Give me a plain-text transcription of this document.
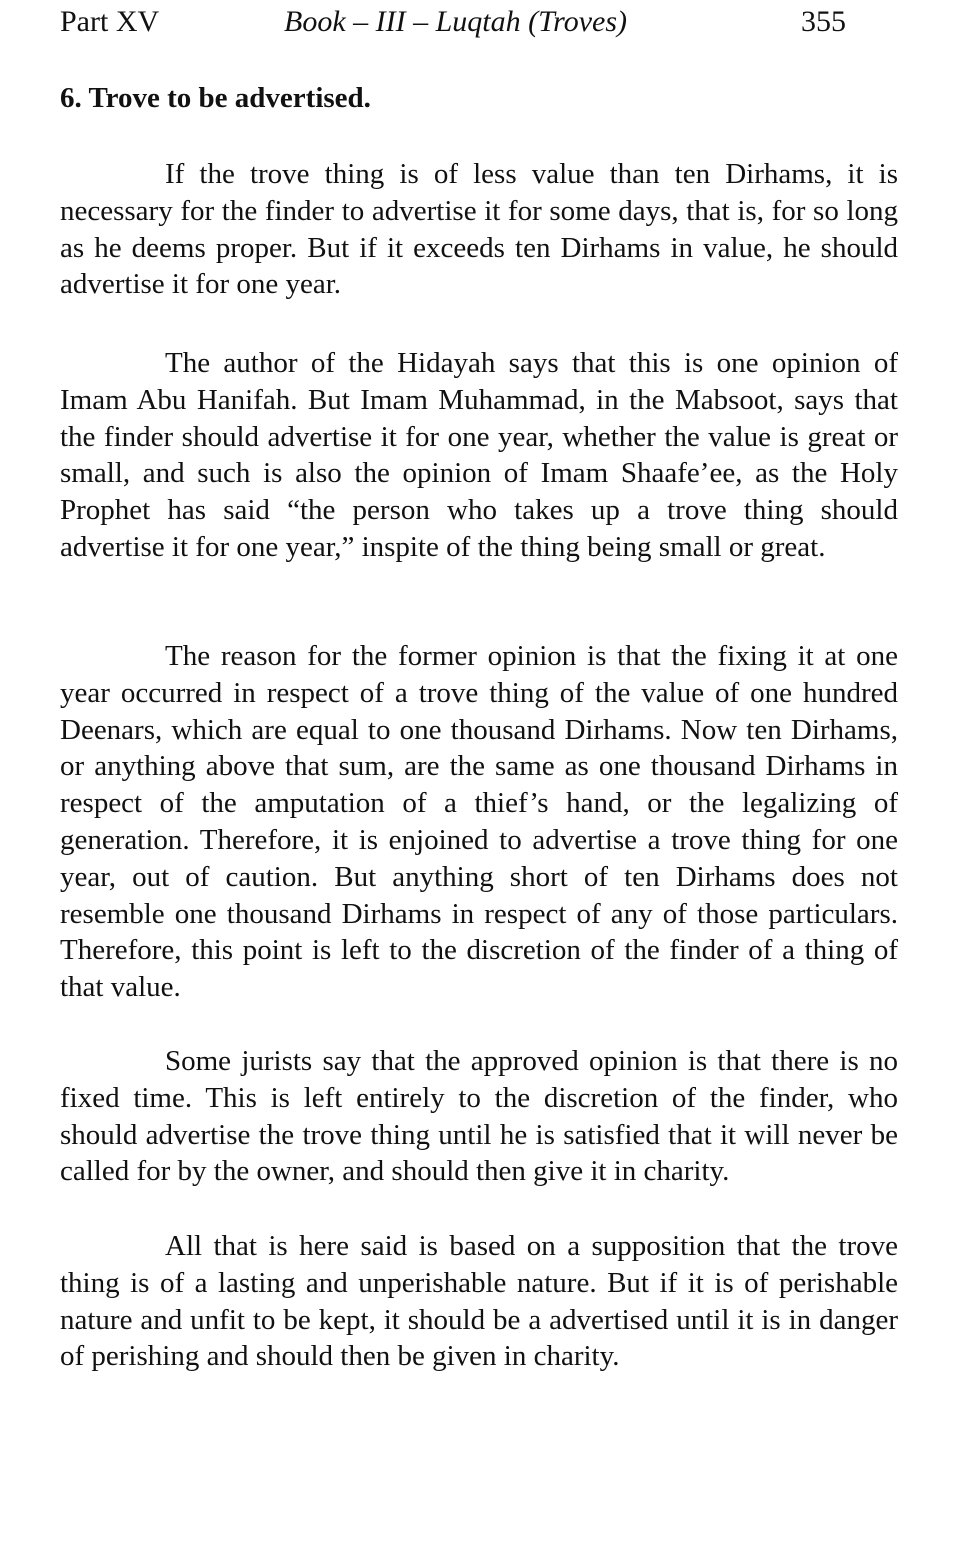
Part XV	Book – III – Luqtah (Troves)	355
6. Trove to be advertised.

If the trove thing is of less value than ten Dirhams, it is necessary for the finder to advertise it for some days, that is, for so long as he deems proper. But if it exceeds ten Dirhams in value, he should advertise it for one year.

The author of the Hidayah says that this is one opinion of Imam Abu Hanifah. But Imam Muhammad, in the Mabsoot, says that the finder should advertise it for one year, whether the value is great or small, and such is also the opinion of Imam Shaafe’ee, as the Holy Prophet has said “the person who takes up a trove thing should advertise it for one year,” inspite of the thing being small or great.

The reason for the former opinion is that the fixing it at one year occurred in respect of a trove thing of the value of one hundred Deenars, which are equal to one thousand Dirhams. Now ten Dirhams, or anything above that sum, are the same as one thousand Dirhams in respect of the amputation of a thief’s hand, or the legalizing of generation. Therefore, it is enjoined to advertise a trove thing for one year, out of caution. But anything short of ten Dirhams does not resemble one thousand Dirhams in respect of any of those particulars. Therefore, this point is left to the discretion of the finder of a thing of that value.

Some jurists say that the approved opinion is that there is no fixed time. This is left entirely to the discretion of the finder, who should advertise the trove thing until he is satisfied that it will never be called for by the owner, and should then give it in charity.

All that is here said is based on a supposition that the trove thing is of a lasting and unperishable nature. But if it is of perishable nature and unfit to be kept, it should be a advertised until it is in danger of perishing and should then be given in charity.
